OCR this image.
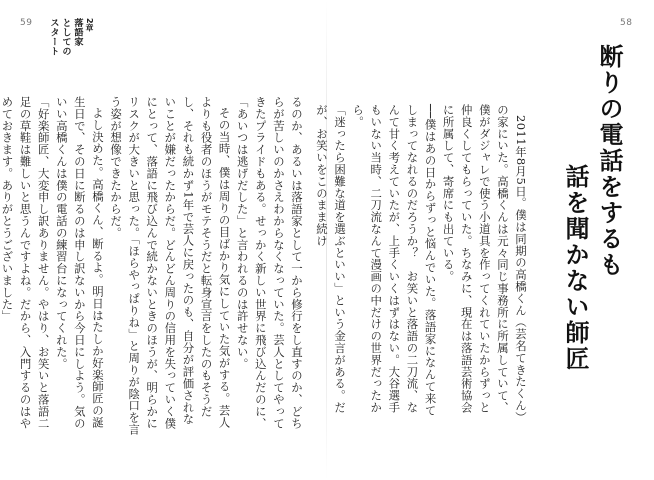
59	58
スタート としての 落語家 2章
断りの電話をするも
話を聞かない師匠

2011年8月5日。僕は同期の高橋くん（芸名てきたくん）の家にいた。高橋くんは元々同じ事務所に所属していて、僕がダジャレで使う小道具を作ってくれていたからずっと仲良くしてもらっていた。ちなみに、現在は落語芸術協会に所属して、寄席にも出ている。

──僕はあの日からずっと悩んでいた。落語家になんて来てしまってなれるのだろうか？　お笑いと落語の二刀流、なんて甘く考えていたが、上手くいくはずはない。大谷選手もいない当時、二刀流なんて漫画の中だけの世界だったから。

「迷ったら困難な道を選ぶといい」という金言がある。だが、お笑いをこのまま続け

るのか、あるいは落語家として一から修行をし直すのか、どちらが苦しいのかさえわからなくなっていた。芸人としてやってきたプライドもある。せっかく新しい世界に飛び込んだのに、「あいつは逃げだした」と言われるのは許せない。

その当時、僕は周りの目ばかり気にしていた気がする。芸人よりも役者のほうがモテそうだと転身宣言をしたのもそうだし、それも続かず1年で芸人に戻ったのも、自分が評価されないことが嫌だったからだ。どんどん周りの信用を失っていく僕にとって、落語に飛び込んで続かないときのほうが、明らかにリスクが大きいと思った。「ほらやっぱりね」と周りが陰口を言う姿が想像できたからだ。

よし決めた。高橋くん、断るよ。明日はたしか好楽師匠の誕生日で、その日に断るのは申し訳ないから今日にしよう。気のいい高橋くんは僕の電話の練習台になってくれた。

「好楽師匠、大変申し訳ありません。やはり、お笑いと落語二足の草鞋は難しいと思うんですよね。だから、入門するのはやめておきます。ありがとうございました」
